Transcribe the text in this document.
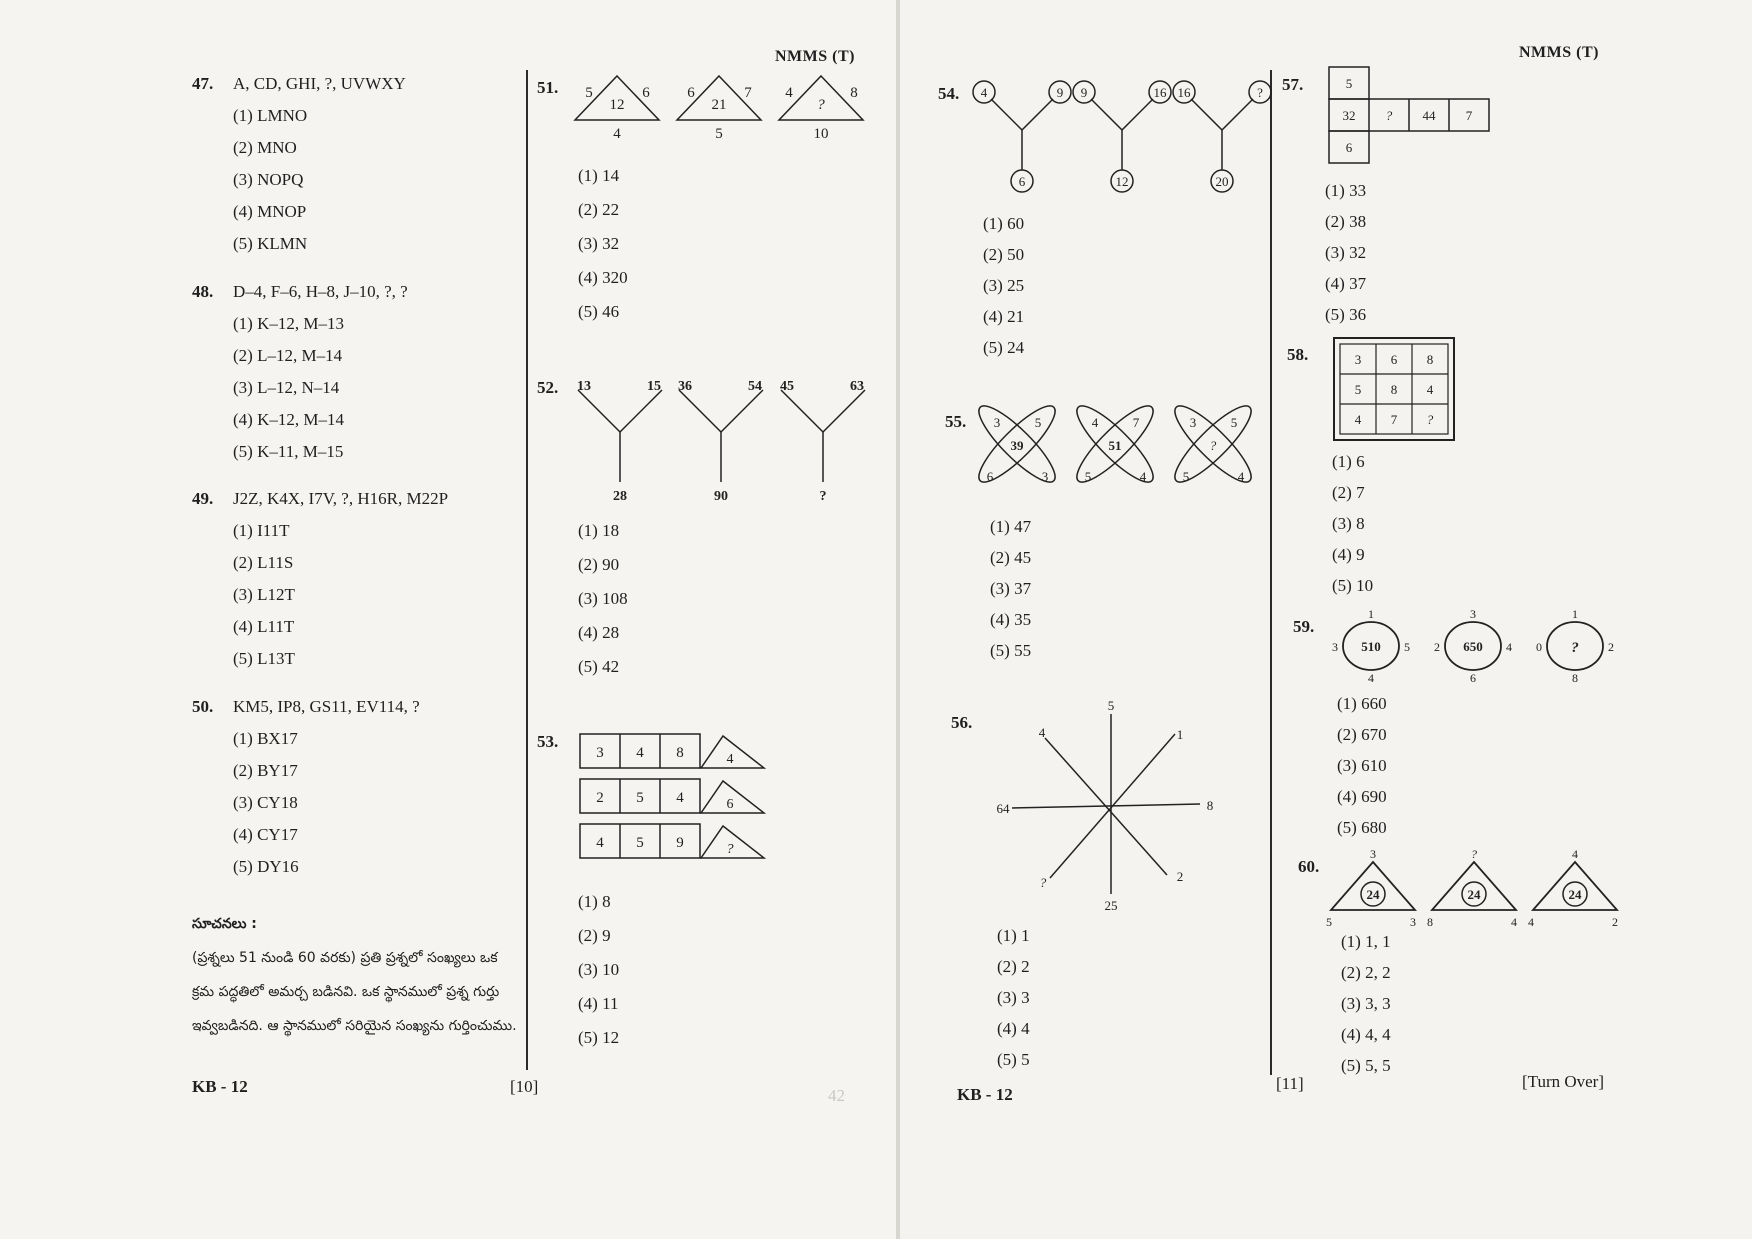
NMMS (T)
47. A, CD, GHI, ?, UVWXY
(1) LMNO
(2) MNO
(3) NOPQ
(4) MNOP
(5) KLMN
48. D–4, F–6, H–8, J–10, ?, ?
(1) K–12, M–13
(2) L–12, M–14
(3) L–12, N–14
(4) K–12, M–14
(5) K–11, M–15
49. J2Z, K4X, I7V, ?, H16R, M22P
(1) I11T
(2) L11S
(3) L12T
(4) L11T
(5) L13T
50. KM5, IP8, GS11, EV114, ?
(1) BX17
(2) BY17
(3) CY18
(4) CY17
(5) DY16
సూచనలు :
(ప్రశ్నలు 51 నుండి 60 వరకు) ప్రతి ప్రశ్నలో సంఖ్యలు ఒక
క్రమ పద్ధతిలో అమర్చ బడినవి. ఒక స్థానములో ప్రశ్న గుర్తు
ఇవ్వబడినది. ఆ స్థానములో సరియైన సంఖ్యను గుర్తించుము.
KB - 12	[10]	42
51. 5	6
12
4
6	7
21
5
4	8
?
10
(1) 14
(2) 22
(3) 32
(4) 320
(5) 46
52. 13	15
28
36	54
90
45	63
?
(1) 18
(2) 90
(3) 108
(4) 28
(5) 42
53.
3 4 8	4
2 5 4	6
4 5 9	?
(1) 8
(2) 9
(3) 10
(4) 11
(5) 12
NMMS (T)
54. 4	9
6
9	16
12
16	?
20
(1) 60
(2) 50
(3) 25
(4) 21
(5) 24
55. 3	5
6	3
39
4	7
5	4
51
3	5
5	4
?
(1) 47
(2) 45
(3) 37
(4) 35
(5) 55
56.
5
1
8
2
25
?
64
4
(1) 1
(2) 2
(3) 3
(4) 4
(5) 5
57.	5
32 ? 44 7
6
(1) 33
(2) 38
(3) 32
(4) 37
(5) 36
58.	3 6 8
5 8 4
4 7 ?
(1) 6
(2) 7
(3) 8
(4) 9
(5) 10
59.
1
3	5
4
510
3
2	4
6
650
1
0	2
8
?
(1) 660
(2) 670
(3) 610
(4) 690
(5) 680
60.
24
3
5	3
24
?
8	4
24
4
4	2
(1) 1, 1
(2) 2, 2
(3) 3, 3
(4) 4, 4
(5) 5, 5
KB - 12
[11]	[Turn Over]
